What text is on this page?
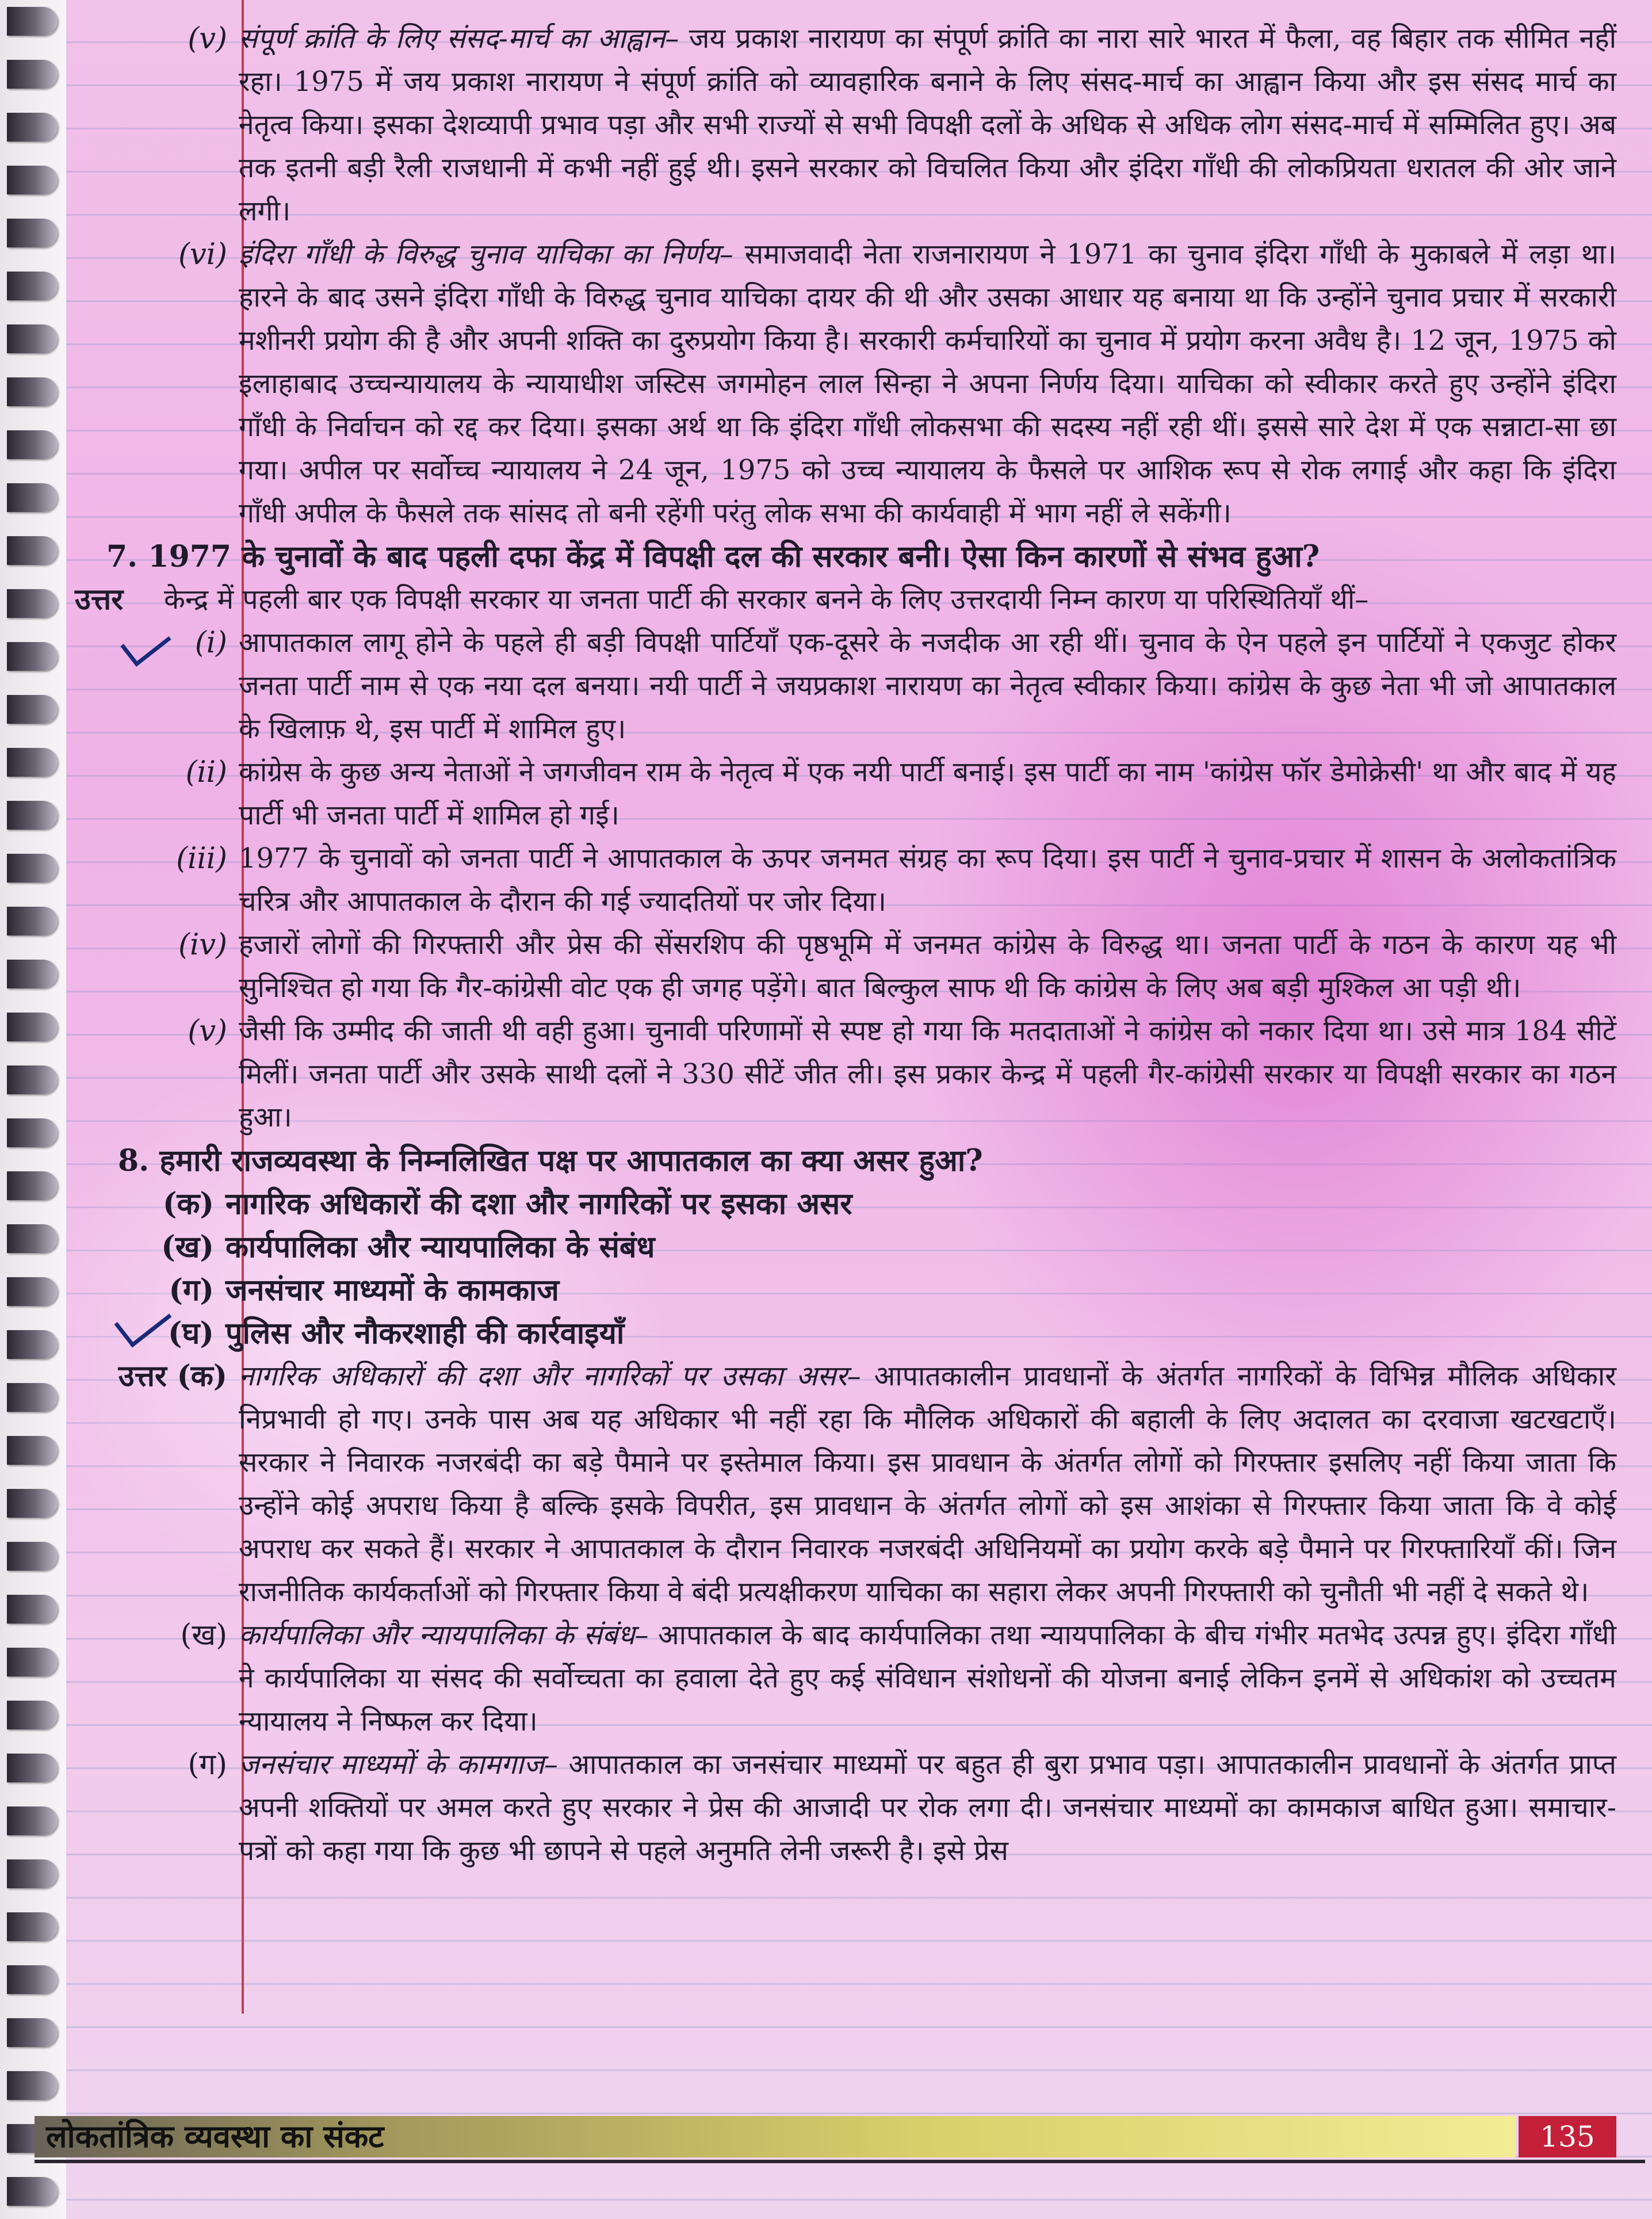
(v) संपूर्ण क्रांति के लिए संसद-मार्च का आह्वान– जय प्रकाश नारायण का संपूर्ण क्रांति का नारा सारे भारत में फैला, वह बिहार तक सीमित नहीं रहा। 1975 में जय प्रकाश नारायण ने संपूर्ण क्रांति को व्यावहारिक बनाने के लिए संसद-मार्च का आह्वान किया और इस संसद मार्च का नेतृत्व किया। इसका देशव्यापी प्रभाव पड़ा और सभी राज्यों से सभी विपक्षी दलों के अधिक से अधिक लोग संसद-मार्च में सम्मिलित हुए। अब तक इतनी बड़ी रैली राजधानी में कभी नहीं हुई थी। इसने सरकार को विचलित किया और इंदिरा गाँधी की लोकप्रियता धरातल की ओर जाने लगी।
(vi) इंदिरा गाँधी के विरुद्ध चुनाव याचिका का निर्णय– समाजवादी नेता राजनारायण ने 1971 का चुनाव इंदिरा गाँधी के मुकाबले में लड़ा था। हारने के बाद उसने इंदिरा गाँधी के विरुद्ध चुनाव याचिका दायर की थी और उसका आधार यह बनाया था कि उन्होंने चुनाव प्रचार में सरकारी मशीनरी प्रयोग की है और अपनी शक्ति का दुरुप्रयोग किया है। सरकारी कर्मचारियों का चुनाव में प्रयोग करना अवैध है। 12 जून, 1975 को इलाहाबाद उच्चन्यायालय के न्यायाधीश जस्टिस जगमोहन लाल सिन्हा ने अपना निर्णय दिया। याचिका को स्वीकार करते हुए उन्होंने इंदिरा गाँधी के निर्वाचन को रद्द कर दिया। इसका अर्थ था कि इंदिरा गाँधी लोकसभा की सदस्य नहीं रही थीं। इससे सारे देश में एक सन्नाटा-सा छा गया। अपील पर सर्वोच्च न्यायालय ने 24 जून, 1975 को उच्च न्यायालय के फैसले पर आशिक रूप से रोक लगाई और कहा कि इंदिरा गाँधी अपील के फैसले तक सांसद तो बनी रहेंगी परंतु लोक सभा की कार्यवाही में भाग नहीं ले सकेंगी।
7. 1977 के चुनावों के बाद पहली दफा केंद्र में विपक्षी दल की सरकार बनी। ऐसा किन कारणों से संभव हुआ?
उत्तर	केन्द्र में पहली बार एक विपक्षी सरकार या जनता पार्टी की सरकार बनने के लिए उत्तरदायी निम्न कारण या परिस्थितियाँ थीं–
(i) आपातकाल लागू होने के पहले ही बड़ी विपक्षी पार्टियाँ एक-दूसरे के नजदीक आ रही थीं। चुनाव के ऐन पहले इन पार्टियों ने एकजुट होकर जनता पार्टी नाम से एक नया दल बनया। नयी पार्टी ने जयप्रकाश नारायण का नेतृत्व स्वीकार किया। कांग्रेस के कुछ नेता भी जो आपातकाल के खिलाफ़ थे, इस पार्टी में शामिल हुए।
(ii) कांग्रेस के कुछ अन्य नेताओं ने जगजीवन राम के नेतृत्व में एक नयी पार्टी बनाई। इस पार्टी का नाम 'कांग्रेस फॉर डेमोक्रेसी' था और बाद में यह पार्टी भी जनता पार्टी में शामिल हो गई।
(iii) 1977 के चुनावों को जनता पार्टी ने आपातकाल के ऊपर जनमत संग्रह का रूप दिया। इस पार्टी ने चुनाव-प्रचार में शासन के अलोकतांत्रिक चरित्र और आपातकाल के दौरान की गई ज्यादतियों पर जोर दिया।
(iv) हजारों लोगों की गिरफ्तारी और प्रेस की सेंसरशिप की पृष्ठभूमि में जनमत कांग्रेस के विरुद्ध था। जनता पार्टी के गठन के कारण यह भी सुनिश्चित हो गया कि गैर-कांग्रेसी वोट एक ही जगह पड़ेंगे। बात बिल्कुल साफ थी कि कांग्रेस के लिए अब बड़ी मुश्किल आ पड़ी थी।
(v) जैसी कि उम्मीद की जाती थी वही हुआ। चुनावी परिणामों से स्पष्ट हो गया कि मतदाताओं ने कांग्रेस को नकार दिया था। उसे मात्र 184 सीटें मिलीं। जनता पार्टी और उसके साथी दलों ने 330 सीटें जीत ली। इस प्रकार केन्द्र में पहली गैर-कांग्रेसी सरकार या विपक्षी सरकार का गठन हुआ।
8. हमारी राजव्यवस्था के निम्नलिखित पक्ष पर आपातकाल का क्या असर हुआ?
(क) नागरिक अधिकारों की दशा और नागरिकों पर इसका असर
(ख) कार्यपालिका और न्यायपालिका के संबंध
(ग) जनसंचार माध्यमों के कामकाज
(घ) पुलिस और नौकरशाही की कार्रवाइयाँ
उत्तर (क) नागरिक अधिकारों की दशा और नागरिकों पर उसका असर– आपातकालीन प्रावधानों के अंतर्गत नागरिकों के विभिन्न मौलिक अधिकार निप्रभावी हो गए। उनके पास अब यह अधिकार भी नहीं रहा कि मौलिक अधिकारों की बहाली के लिए अदालत का दरवाजा खटखटाएँ। सरकार ने निवारक नजरबंदी का बड़े पैमाने पर इस्तेमाल किया। इस प्रावधान के अंतर्गत लोगों को गिरफ्तार इसलिए नहीं किया जाता कि उन्होंने कोई अपराध किया है बल्कि इसके विपरीत, इस प्रावधान के अंतर्गत लोगों को इस आशंका से गिरफ्तार किया जाता कि वे कोई अपराध कर सकते हैं। सरकार ने आपातकाल के दौरान निवारक नजरबंदी अधिनियमों का प्रयोग करके बड़े पैमाने पर गिरफ्तारियाँ कीं। जिन राजनीतिक कार्यकर्ताओं को गिरफ्तार किया वे बंदी प्रत्यक्षीकरण याचिका का सहारा लेकर अपनी गिरफ्तारी को चुनौती भी नहीं दे सकते थे।
(ख) कार्यपालिका और न्यायपालिका के संबंध– आपातकाल के बाद कार्यपालिका तथा न्यायपालिका के बीच गंभीर मतभेद उत्पन्न हुए। इंदिरा गाँधी ने कार्यपालिका या संसद की सर्वोच्चता का हवाला देते हुए कई संविधान संशोधनों की योजना बनाई लेकिन इनमें से अधिकांश को उच्चतम न्यायालय ने निष्फल कर दिया।
(ग) जनसंचार माध्यमों के कामगाज– आपातकाल का जनसंचार माध्यमों पर बहुत ही बुरा प्रभाव पड़ा। आपातकालीन प्रावधानों के अंतर्गत प्राप्त अपनी शक्तियों पर अमल करते हुए सरकार ने प्रेस की आजादी पर रोक लगा दी। जनसंचार माध्यमों का कामकाज बाधित हुआ। समाचार-पत्रों को कहा गया कि कुछ भी छापने से पहले अनुमति लेनी जरूरी है। इसे प्रेस
लोकतांत्रिक व्यवस्था का संकट	135
